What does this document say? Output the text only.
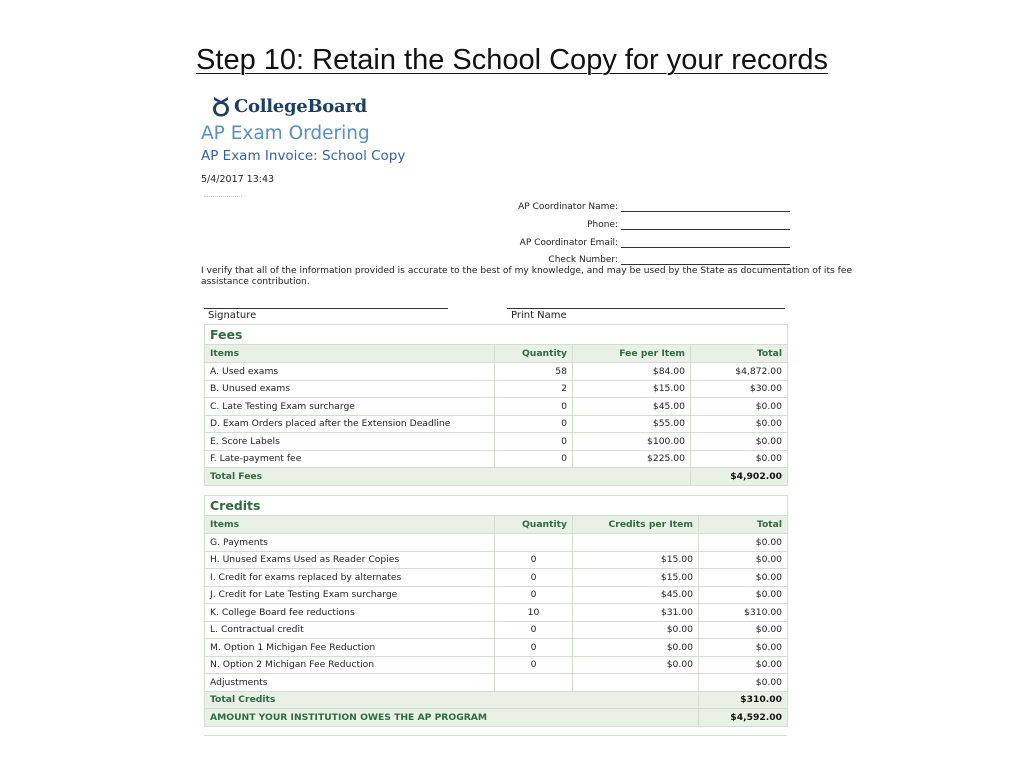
Step 10: Retain the School Copy for your records
CollegeBoard
AP Exam Ordering
AP Exam Invoice: School Copy
5/4/2017 13:43
AP Coordinator Name:
Phone:
AP Coordinator Email:
Check Number:
I verify that all of the information provided is accurate to the best of my knowledge, and may be used by the State as documentation of its fee assistance contribution.
Signature	Print Name
Fees			
Items	Quantity	Fee per Item	Total
A. Used exams	58	$84.00	$4,872.00
B. Unused exams	2	$15.00	$30.00
C. Late Testing Exam surcharge	0	$45.00	$0.00
D. Exam Orders placed after the Extension Deadline	0	$55.00	$0.00
E. Score Labels	0	$100.00	$0.00
F. Late-payment fee	0	$225.00	$0.00
Total Fees			$4,902.00
Credits			
Items	Quantity	Credits per Item	Total
G. Payments			$0.00
H. Unused Exams Used as Reader Copies	0	$15.00	$0.00
I. Credit for exams replaced by alternates	0	$15.00	$0.00
J. Credit for Late Testing Exam surcharge	0	$45.00	$0.00
K. College Board fee reductions	10	$31.00	$310.00
L. Contractual credit	0	$0.00	$0.00
M. Option 1 Michigan Fee Reduction	0	$0.00	$0.00
N. Option 2 Michigan Fee Reduction	0	$0.00	$0.00
Adjustments			$0.00
Total Credits			$310.00
AMOUNT YOUR INSTITUTION OWES THE AP PROGRAM			$4,592.00
